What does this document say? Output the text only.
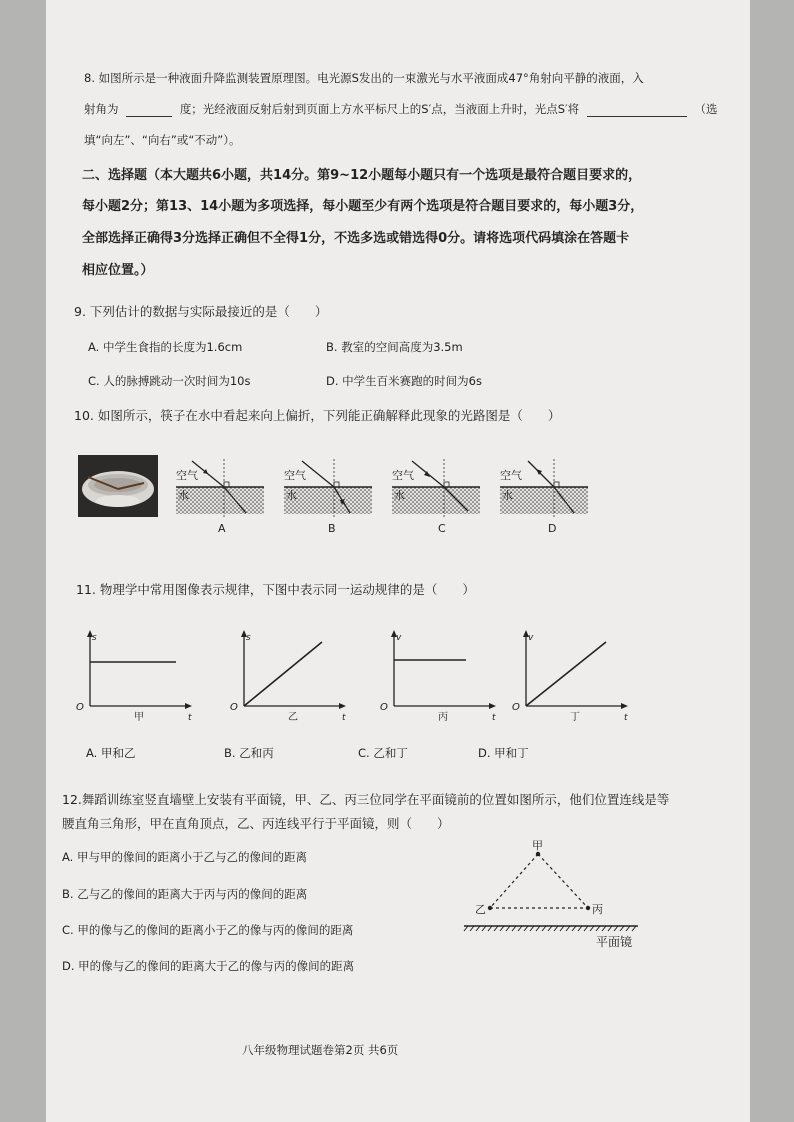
8. 如图所示是一种液面升降监测装置原理图。电光源S发出的一束激光与水平液面成47°角射向平静的液面，入
射角为	度；光经液面反射后射到页面上方水平标尺上的S′点，当液面上升时，光点S′将	（选
填“向左”、“向右”或“不动”）。
二、选择题（本大题共6小题，共14分。第9~12小题每小题只有一个选项是最符合题目要求的，
每小题2分；第13、14小题为多项选择，每小题至少有两个选项是符合题目要求的，每小题3分，
全部选择正确得3分选择正确但不全得1分，不选多选或错选得0分。请将选项代码填涂在答题卡
相应位置。）
9. 下列估计的数据与实际最接近的是（　　）
A. 中学生食指的长度为1.6cm	B. 教室的空间高度为3.5m
C. 人的脉搏跳动一次时间为10s	D. 中学生百米赛跑的时间为6s
10. 如图所示，筷子在水中看起来向上偏折，下列能正确解释此现象的光路图是（　　）
空气
水
A
空气
水
B
空气
水
C
空气
水
D
11. 物理学中常用图像表示规律，下图中表示同一运动规律的是（　　）
s
O
t
甲
s
O
t
乙
v
O
t
丙
v
O
t
丁
A. 甲和乙	B. 乙和丙	C. 乙和丁	D. 甲和丁
12.舞蹈训练室竖直墙壁上安装有平面镜，甲、乙、丙三位同学在平面镜前的位置如图所示，他们位置连线是等
腰直角三角形，甲在直角顶点，乙、丙连线平行于平面镜，则（　　）
A. 甲与甲的像间的距离小于乙与乙的像间的距离
B. 乙与乙的像间的距离大于丙与丙的像间的距离
C. 甲的像与乙的像间的距离小于乙的像与丙的像间的距离
D. 甲的像与乙的像间的距离大于乙的像与丙的像间的距离
甲
乙	丙
平面镜
八年级物理试题卷第2页 共6页
